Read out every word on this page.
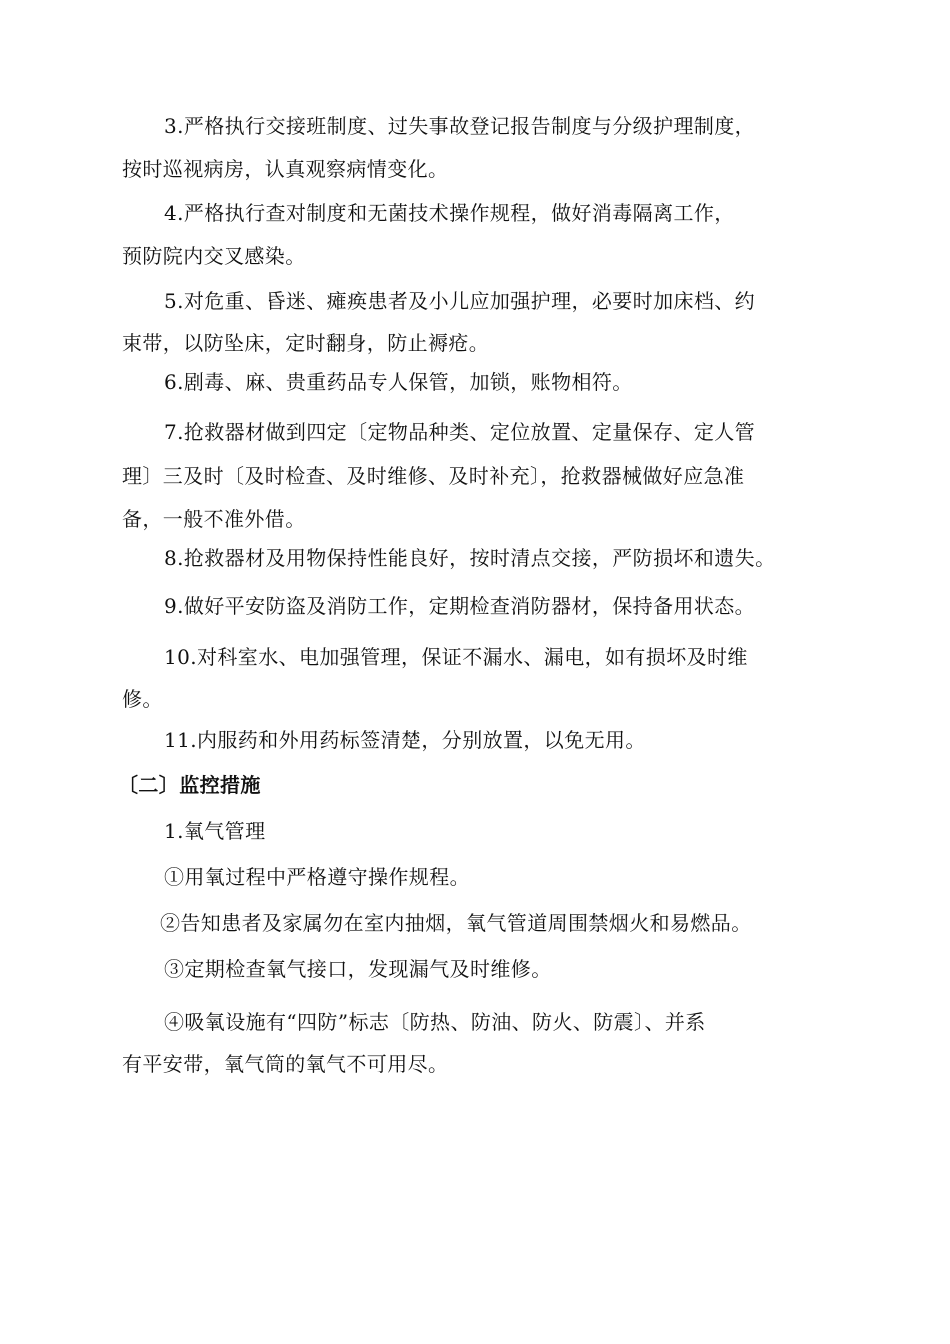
3.严格执行交接班制度、过失事故登记报告制度与分级护理制度，
按时巡视病房，认真观察病情变化。
4.严格执行查对制度和无菌技术操作规程，做好消毒隔离工作，
预防院内交叉感染。
5.对危重、昏迷、瘫痪患者及小儿应加强护理，必要时加床档、约
束带，以防坠床，定时翻身，防止褥疮。
6.剧毒、麻、贵重药品专人保管，加锁，账物相符。
7.抢救器材做到四定〔定物品种类、定位放置、定量保存、定人管
理〕三及时〔及时检查、及时维修、及时补充〕，抢救器械做好应急准
备，一般不准外借。
8.抢救器材及用物保持性能良好，按时清点交接，严防损坏和遗失。
9.做好平安防盗及消防工作，定期检查消防器材，保持备用状态。
10.对科室水、电加强管理，保证不漏水、漏电，如有损坏及时维
修。
11.内服药和外用药标签清楚，分别放置，以免无用。
〔二〕监控措施
1.氧气管理
①用氧过程中严格遵守操作规程。
②告知患者及家属勿在室内抽烟，氧气管道周围禁烟火和易燃品。
③定期检查氧气接口，发现漏气及时维修。
④吸氧设施有“四防”标志〔防热、防油、防火、防震〕、并系
有平安带，氧气筒的氧气不可用尽。
